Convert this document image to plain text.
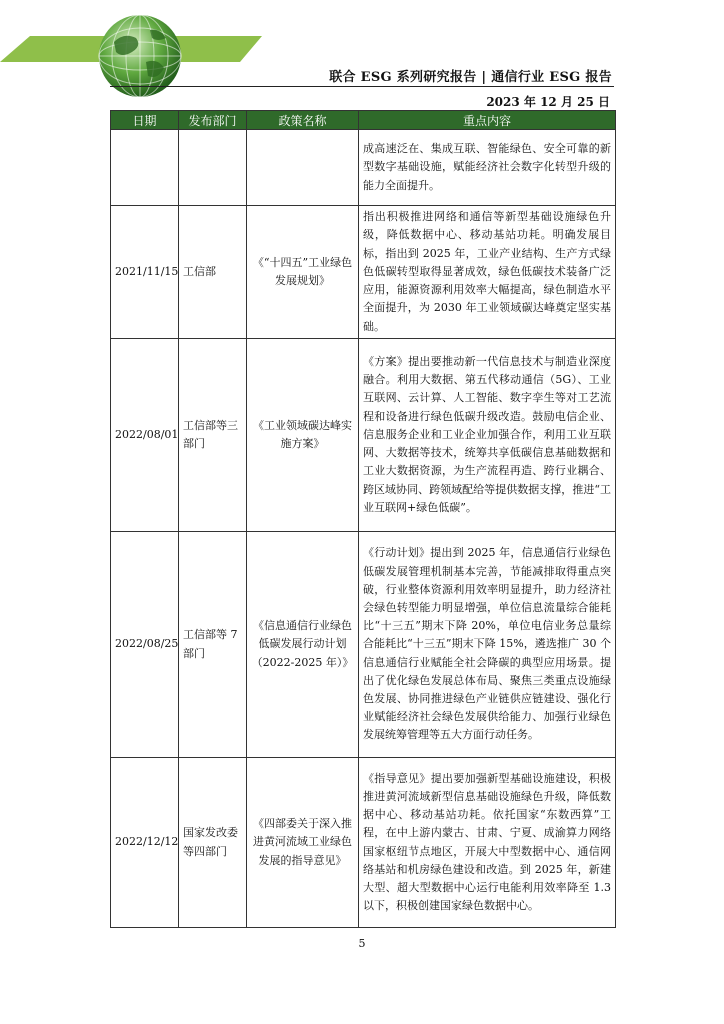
联合 ESG 系列研究报告 | 通信行业 ESG 报告
2023 年 12 月 25 日
日期	发布部门	政策名称	重点内容
			成高速泛在、集成互联、智能绿色、安全可靠的新型数字基础设施，赋能经济社会数字化转型升级的能力全面提升。
2021/11/15	工信部	《“十四五”工业绿色发展规划》	指出积极推进网络和通信等新型基础设施绿色升级，降低数据中心、移动基站功耗。明确发展目标，指出到 2025 年，工业产业结构、生产方式绿色低碳转型取得显著成效，绿色低碳技术装备广泛应用，能源资源利用效率大幅提高，绿色制造水平全面提升，为 2030 年工业领域碳达峰奠定坚实基础。
2022/08/01	工信部等三部门	《工业领域碳达峰实施方案》	《方案》提出要推动新一代信息技术与制造业深度融合。利用大数据、第五代移动通信（5G）、工业互联网、云计算、人工智能、数字孪生等对工艺流程和设备进行绿色低碳升级改造。鼓励电信企业、信息服务企业和工业企业加强合作，利用工业互联网、大数据等技术，统筹共享低碳信息基础数据和工业大数据资源，为生产流程再造、跨行业耦合、跨区域协同、跨领域配给等提供数据支撑，推进“工业互联网+绿色低碳”。
2022/08/25	工信部等 7 部门	《信息通信行业绿色低碳发展行动计划（2022-2025 年）》	《行动计划》提出到 2025 年，信息通信行业绿色低碳发展管理机制基本完善，节能减排取得重点突破，行业整体资源利用效率明显提升，助力经济社会绿色转型能力明显增强，单位信息流量综合能耗比“十三五”期末下降 20%，单位电信业务总量综合能耗比“十三五”期末下降 15%，遴选推广 30 个信息通信行业赋能全社会降碳的典型应用场景。提出了优化绿色发展总体布局、聚焦三类重点设施绿色发展、协同推进绿色产业链供应链建设、强化行业赋能经济社会绿色发展供给能力、加强行业绿色发展统筹管理等五大方面行动任务。
2022/12/12	国家发改委等四部门	《四部委关于深入推进黄河流域工业绿色发展的指导意见》	《指导意见》提出要加强新型基础设施建设，积极推进黄河流域新型信息基础设施绿色升级，降低数据中心、移动基站功耗。依托国家“东数西算”工程，在中上游内蒙古、甘肃、宁夏、成渝算力网络国家枢纽节点地区，开展大中型数据中心、通信网络基站和机房绿色建设和改造。到 2025 年，新建大型、超大型数据中心运行电能利用效率降至 1.3 以下，积极创建国家绿色数据中心。
5
